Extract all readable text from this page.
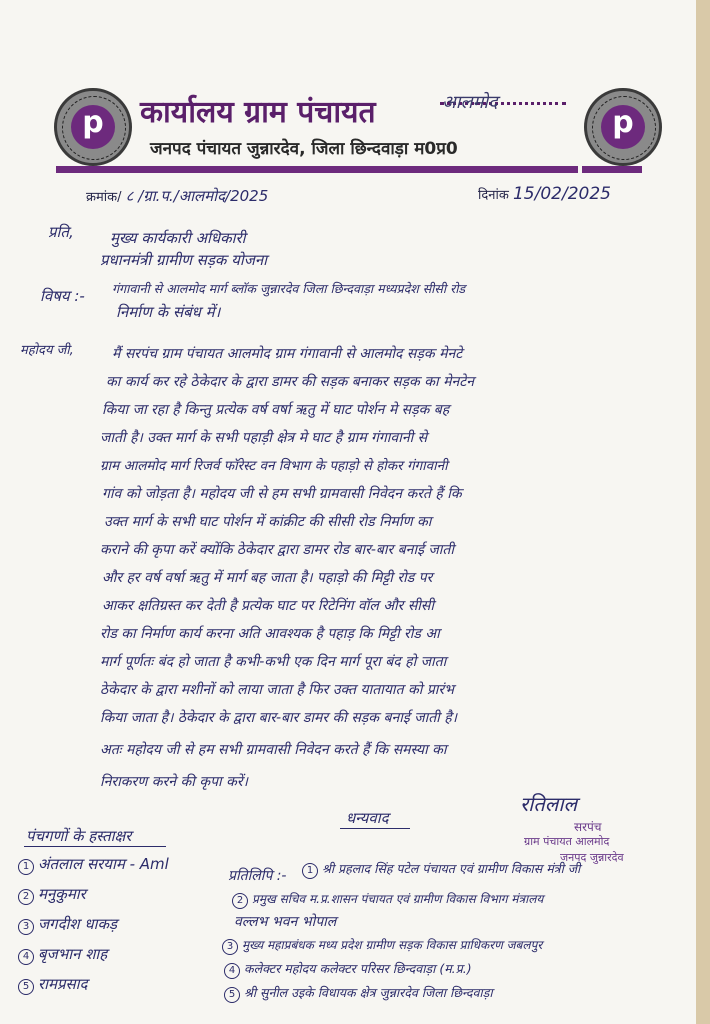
p	p
कार्यालय ग्राम पंचायत	आलमोद
जनपद पंचायत जुन्नारदेव, जिला छिन्दवाड़ा म0प्र0
क्रमांक/ ८ /ग्रा.प./आलमोद/2025	दिनांक 15/02/2025
प्रति, मुख्य कार्यकारी अधिकारी
प्रधानमंत्री ग्रामीण सड़क योजना
विषय :- गंगावानी से आलमोद मार्ग ब्लॉक जुन्नारदेव जिला छिन्दवाड़ा मध्यप्रदेश सीसी रोड
निर्माण के संबंध में।
महोदय जी,	मैं सरपंच ग्राम पंचायत आलमोद ग्राम गंगावानी से आलमोद सड़क मेनटे
का कार्य कर रहे ठेकेदार के द्वारा डामर की सड़क बनाकर सड़क का मेनटेन
किया जा रहा है किन्तु प्रत्येक वर्ष वर्षा ऋतु में घाट पोर्शन मे सड़क बह
जाती है। उक्त मार्ग के सभी पहाड़ी क्षेत्र मे घाट है ग्राम गंगावानी से
ग्राम आलमोद मार्ग रिजर्व फॉरेस्ट वन विभाग के पहाड़ो से होकर गंगावानी
गांव को जोड़ता है। महोदय जी से हम सभी ग्रामवासी निवेदन करते हैं कि
उक्त मार्ग के सभी घाट पोर्शन में कांक्रीट की सीसी रोड निर्माण का
कराने की कृपा करें क्योंकि ठेकेदार द्वारा डामर रोड बार-बार बनाई जाती
और हर वर्ष वर्षा ऋतु में मार्ग बह जाता है। पहाड़ो की मिट्टी रोड पर
आकर क्षतिग्रस्त कर देती है प्रत्येक घाट पर रिटेनिंग वॉल और सीसी
रोड का निर्माण कार्य करना अति आवश्यक है पहाड़ कि मिट्टी रोड आ
मार्ग पूर्णतः बंद हो जाता है कभी-कभी एक दिन मार्ग पूरा बंद हो जाता
ठेकेदार के द्वारा मशीनों को लाया जाता है फिर उक्त यातायात को प्रारंभ
किया जाता है। ठेकेदार के द्वारा बार-बार डामर की सड़क बनाई जाती है।
अतः महोदय जी से हम सभी ग्रामवासी निवेदन करते हैं कि समस्या का
निराकरण करने की कृपा करें।
धन्यवाद
रतिलाल
सरपंच
ग्राम पंचायत आलमोद
जनपद जुन्नारदेव
पंचगणों के हस्ताक्षर
1 अंतलाल सरयाम - Aml
2 मनुकुमार
3 जगदीश धाकड़
4 बृजभान शाह
5 रामप्रसाद
प्रतिलिपि :-	1 श्री प्रहलाद सिंह पटेल पंचायत एवं ग्रामीण विकास मंत्री जी
2 प्रमुख सचिव म.प्र.शासन पंचायत एवं ग्रामीण विकास विभाग मंत्रालय
वल्लभ भवन भोपाल
3 मुख्य महाप्रबंधक मध्य प्रदेश ग्रामीण सड़क विकास प्राधिकरण जबलपुर
4 कलेक्टर महोदय कलेक्टर परिसर छिन्दवाड़ा (म.प्र.)
5 श्री सुनील उइके विधायक क्षेत्र जुन्नारदेव जिला छिन्दवाड़ा
